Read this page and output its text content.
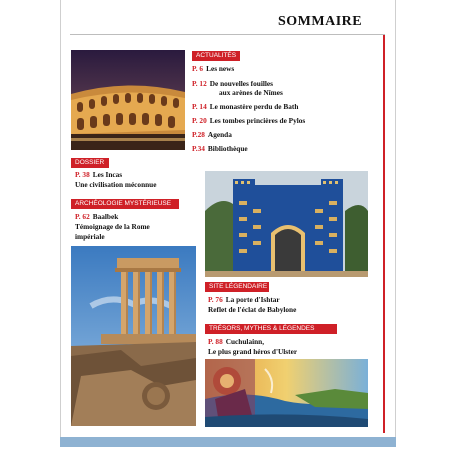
SOMMAIRE
ACTUALITÉS
P. 6 Les news
P. 12 De nouvelles fouilles
aux arènes de Nîmes
P. 14 Le monastère perdu de Bath
P. 20 Les tombes princières de Pylos
P.28 Agenda
P.34 Bibliothèque
DOSSIER
P. 38 Les Incas
Une civilisation méconnue
ARCHÉOLOGIE MYSTÉRIEUSE
P. 62 Baalbek
Témoignage de la Rome
impériale
SITE LÉGENDAIRE
P. 76 La porte d'Ishtar
Reflet de l'éclat de Babylone
TRÉSORS, MYTHES & LÉGENDES
P. 88 Cuchulainn,
Le plus grand héros d'Ulster
